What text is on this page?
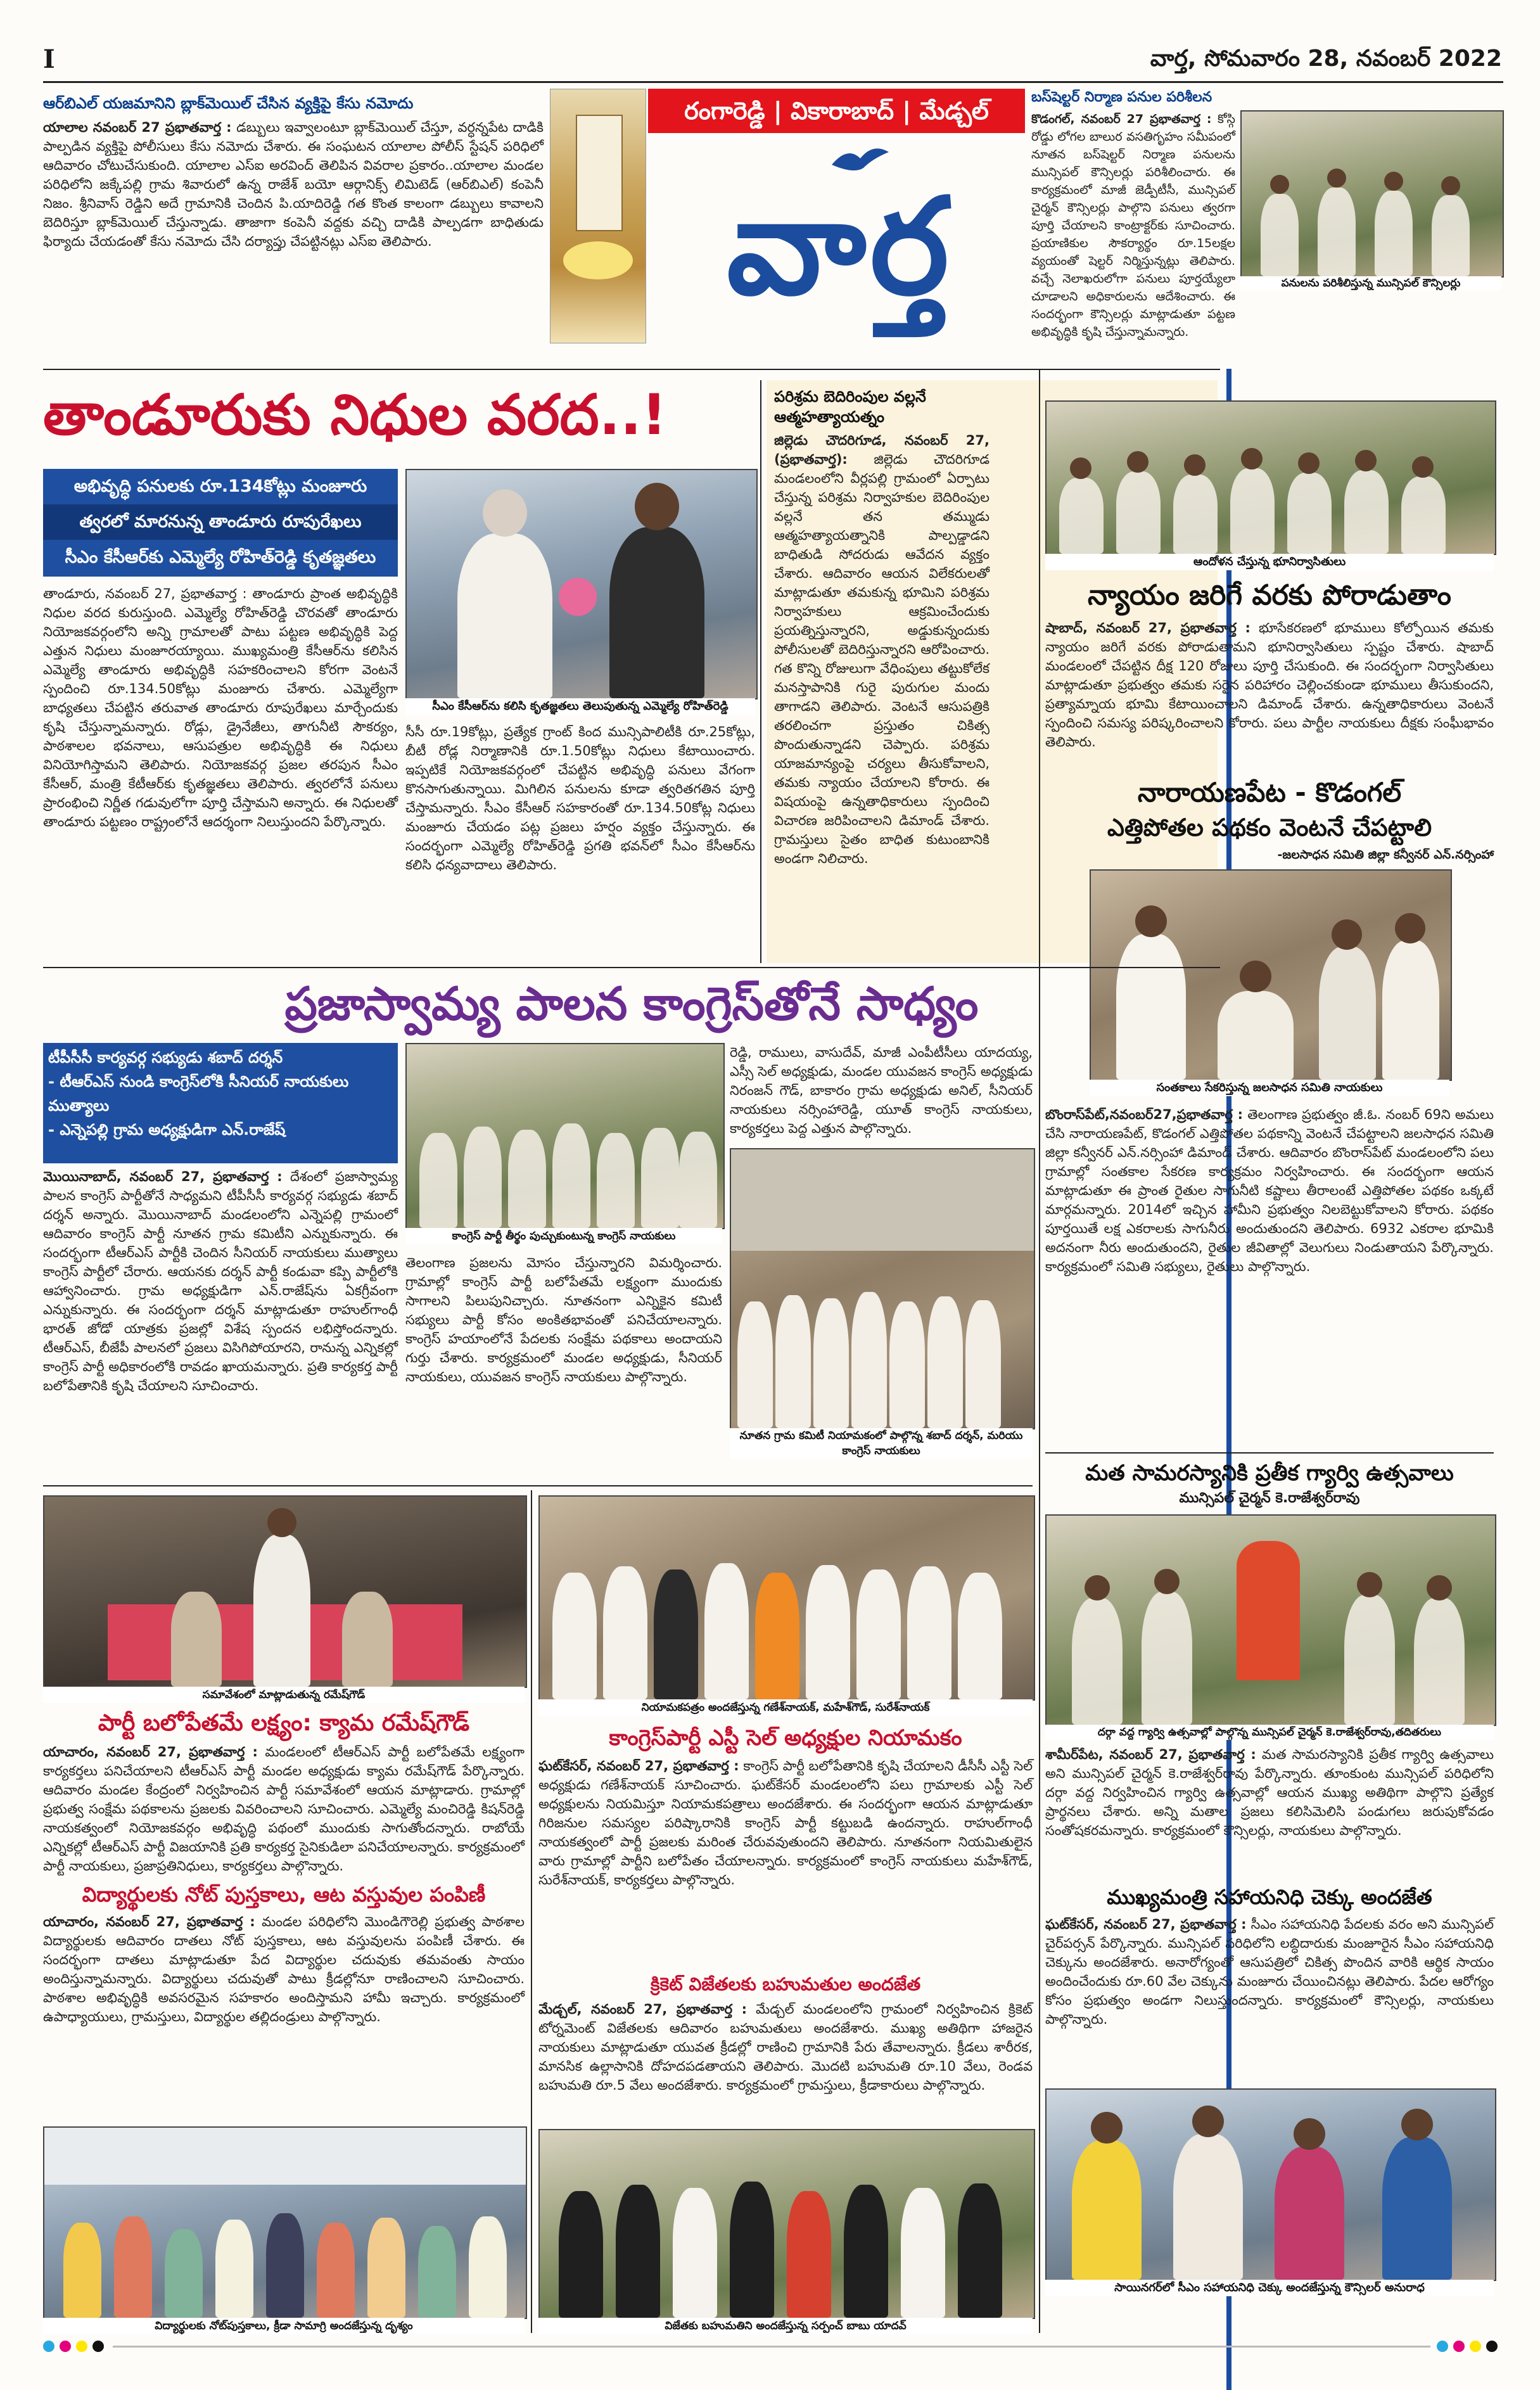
I	వార్త, సోమవారం 28, నవంబర్ 2022
ఆర్‌బిఎల్ యజమానిని బ్లాక్‌మెయిల్ చేసిన వ్యక్తిపై కేసు నమోదు
యాలాల నవంబర్ 27 ప్రభాతవార్త : డబ్బులు ఇవ్వాలంటూ బ్లాక్‌మెయిల్ చేస్తూ, వర్ధన్నపేట దాడికి పాల్పడిన వ్యక్తిపై పోలీసులు కేసు నమోదు చేశారు. ఈ సంఘటన యాలాల పోలీస్ స్టేషన్ పరిధిలో ఆదివారం చోటుచేసుకుంది. యాలాల ఎస్ఐ అరవింద్ తెలిపిన వివరాల ప్రకారం..యాలాల మండల పరిధిలోని జక్కేపల్లి గ్రామ శివారులో ఉన్న రాజేశ్ బయో ఆర్గానిక్స్ లిమిటెడ్ (ఆర్‌బిఎల్) కంపెనీ నిజం. శ్రీనివాస్ రెడ్డిని అదే గ్రామానికి చెందిన పి.యాదిరెడ్డి గత కొంత కాలంగా డబ్బులు కావాలని బెదిరిస్తూ బ్లాక్‌మెయిల్ చేస్తున్నాడు. తాజాగా కంపెనీ వద్దకు వచ్చి దాడికి పాల్పడగా బాధితుడు ఫిర్యాదు చేయడంతో కేసు నమోదు చేసి దర్యాప్తు చేపట్టినట్లు ఎస్ఐ తెలిపారు.
రంగారెడ్డి | వికారాబాద్ | మేడ్చల్
వార్త
బస్‌షెల్టర్ నిర్మాణ పనుల పరిశీలన
పనులను పరిశీలిస్తున్న మున్సిపల్ కౌన్సిలర్లు
కొడంగల్, నవంబర్ 27 ప్రభాతవార్త : కోస్గి రోడ్డు లోగల బాలుర వసతిగృహం సమీపంలో నూతన బస్‌షెల్టర్ నిర్మాణ పనులను మున్సిపల్ కౌన్సిలర్లు పరిశీలించారు. ఈ కార్యక్రమంలో మాజీ జెడ్పీటీసీ, మున్సిపల్ చైర్మన్ కౌన్సిలర్లు పాల్గొని పనులు త్వరగా పూర్తి చేయాలని కాంట్రాక్టర్‌కు సూచించారు. ప్రయాణికుల సౌకర్యార్థం రూ.15లక్షల వ్యయంతో షెల్టర్ నిర్మిస్తున్నట్లు తెలిపారు. వచ్చే నెలాఖరులోగా పనులు పూర్తయ్యేలా చూడాలని అధికారులను ఆదేశించారు. ఈ సందర్భంగా కౌన్సిలర్లు మాట్లాడుతూ పట్టణ అభివృద్ధికి కృషి చేస్తున్నామన్నారు.
తాండూరుకు నిధుల వరద..!
అభివృద్ధి పనులకు రూ.134కోట్లు మంజూరు
త్వరలో మారనున్న తాండూరు రూపురేఖలు
సీఎం కేసీఆర్‌కు ఎమ్మెల్యే రోహిత్‌రెడ్డి కృతజ్ఞతలు
సీఎం కేసీఆర్‌ను కలిసి కృతజ్ఞతలు తెలుపుతున్న ఎమ్మెల్యే రోహిత్‌రెడ్డి
తాండూరు, నవంబర్ 27, ప్రభాతవార్త : తాండూరు ప్రాంత అభివృద్ధికి నిధుల వరద కురుస్తుంది. ఎమ్మెల్యే రోహిత్‌రెడ్డి చొరవతో తాండూరు నియోజకవర్గంలోని అన్ని గ్రామాలతో పాటు పట్టణ అభివృద్ధికి పెద్ద ఎత్తున నిధులు మంజూరయ్యాయి. ముఖ్యమంత్రి కేసీఆర్‌ను కలిసిన ఎమ్మెల్యే తాండూరు అభివృద్ధికి సహకరించాలని కోరగా వెంటనే స్పందించి రూ.134.50కోట్లు మంజూరు చేశారు. ఎమ్మెల్యేగా బాధ్యతలు చేపట్టిన తరువాత తాండూరు రూపురేఖలు మార్చేందుకు కృషి చేస్తున్నామన్నారు. రోడ్లు, డ్రైనేజీలు, తాగునీటి సౌకర్యం, పాఠశాలల భవనాలు, ఆసుపత్రుల అభివృద్ధికి ఈ నిధులు వినియోగిస్తామని తెలిపారు. నియోజకవర్గ ప్రజల తరపున సీఎం కేసీఆర్, మంత్రి కేటీఆర్‌కు కృతజ్ఞతలు తెలిపారు. త్వరలోనే పనులు ప్రారంభించి నిర్ణీత గడువులోగా పూర్తి చేస్తామని అన్నారు. ఈ నిధులతో తాండూరు పట్టణం రాష్ట్రంలోనే ఆదర్శంగా నిలుస్తుందని పేర్కొన్నారు.
సీసీ రూ.19కోట్లు, ప్రత్యేక గ్రాంట్ కింద మున్సిపాలిటీకి రూ.25కోట్లు, బీటీ రోడ్ల నిర్మాణానికి రూ.1.50కోట్లు నిధులు కేటాయించారు. ఇప్పటికే నియోజకవర్గంలో చేపట్టిన అభివృద్ధి పనులు వేగంగా కొనసాగుతున్నాయి. మిగిలిన పనులను కూడా త్వరితగతిన పూర్తి చేస్తామన్నారు. సీఎం కేసీఆర్ సహకారంతో రూ.134.50కోట్ల నిధులు మంజూరు చేయడం పట్ల ప్రజలు హర్షం వ్యక్తం చేస్తున్నారు. ఈ సందర్భంగా ఎమ్మెల్యే రోహిత్‌రెడ్డి ప్రగతి భవన్‌లో సీఎం కేసీఆర్‌ను కలిసి ధన్యవాదాలు తెలిపారు.
పరిశ్రమ బెదిరింపుల వల్లనే ఆత్మహత్యాయత్నం
జిల్లెడు చౌదరిగూడ, నవంబర్ 27,(ప్రభాతవార్త): జిల్లెడు చౌదరిగూడ మండలంలోని వీర్లపల్లి గ్రామంలో ఏర్పాటు చేస్తున్న పరిశ్రమ నిర్వాహకుల బెదిరింపుల వల్లనే తన తమ్ముడు ఆత్మహత్యాయత్నానికి పాల్పడ్డాడని బాధితుడి సోదరుడు ఆవేదన వ్యక్తం చేశారు. ఆదివారం ఆయన విలేకరులతో మాట్లాడుతూ తమకున్న భూమిని పరిశ్రమ నిర్వాహకులు ఆక్రమించేందుకు ప్రయత్నిస్తున్నారని, అడ్డుకున్నందుకు పోలీసులతో బెదిరిస్తున్నారని ఆరోపించారు. గత కొన్ని రోజులుగా వేధింపులు తట్టుకోలేక మనస్తాపానికి గురై పురుగుల మందు తాగాడని తెలిపారు. వెంటనే ఆసుపత్రికి తరలించగా ప్రస్తుతం చికిత్స పొందుతున్నాడని చెప్పారు. పరిశ్రమ యాజమాన్యంపై చర్యలు తీసుకోవాలని, తమకు న్యాయం చేయాలని కోరారు. ఈ విషయంపై ఉన్నతాధికారులు స్పందించి విచారణ జరిపించాలని డిమాండ్ చేశారు. గ్రామస్తులు సైతం బాధిత కుటుంబానికి అండగా నిలిచారు.
ఆందోళన చేస్తున్న భూనిర్వాసితులు
న్యాయం జరిగే వరకు పోరాడుతాం
షాబాద్, నవంబర్ 27, ప్రభాతవార్త : భూసేకరణలో భూములు కోల్పోయిన తమకు న్యాయం జరిగే వరకు పోరాడుతామని భూనిర్వాసితులు స్పష్టం చేశారు. షాబాద్ మండలంలో చేపట్టిన దీక్ష 120 రోజులు పూర్తి చేసుకుంది. ఈ సందర్భంగా నిర్వాసితులు మాట్లాడుతూ ప్రభుత్వం తమకు సరైన పరిహారం చెల్లించకుండా భూములు తీసుకుందని, ప్రత్యామ్నాయ భూమి కేటాయించాలని డిమాండ్ చేశారు. ఉన్నతాధికారులు వెంటనే స్పందించి సమస్య పరిష్కరించాలని కోరారు. పలు పార్టీల నాయకులు దీక్షకు సంఘీభావం తెలిపారు.
నారాయణపేట - కొడంగల్
ఎత్తిపోతల పథకం వెంటనే చేపట్టాలి
-జలసాధన సమితి జిల్లా కన్వీనర్ ఎన్.నర్సింహా
సంతకాలు సేకరిస్తున్న జలసాధన సమితి నాయకులు
బొంరాస్‌పేట్,నవంబర్27,ప్రభాతవార్త : తెలంగాణ ప్రభుత్వం జీ.ఓ. నంబర్ 69ని అమలు చేసి నారాయణపేట్, కొడంగల్ ఎత్తిపోతల పథకాన్ని వెంటనే చేపట్టాలని జలసాధన సమితి జిల్లా కన్వీనర్ ఎన్.నర్సింహా డిమాండ్ చేశారు. ఆదివారం బొంరాస్‌పేట్ మండలంలోని పలు గ్రామాల్లో సంతకాల సేకరణ కార్యక్రమం నిర్వహించారు. ఈ సందర్భంగా ఆయన మాట్లాడుతూ ఈ ప్రాంత రైతుల సాగునీటి కష్టాలు తీరాలంటే ఎత్తిపోతల పథకం ఒక్కటే మార్గమన్నారు. 2014లో ఇచ్చిన హామీని ప్రభుత్వం నిలబెట్టుకోవాలని కోరారు. పథకం పూర్తయితే లక్ష ఎకరాలకు సాగునీరు అందుతుందని తెలిపారు. 6932 ఎకరాల భూమికి అదనంగా నీరు అందుతుందని, రైతుల జీవితాల్లో వెలుగులు నిండుతాయని పేర్కొన్నారు. కార్యక్రమంలో సమితి సభ్యులు, రైతులు పాల్గొన్నారు.
మత సామరస్యానికి ప్రతీక గ్యార్వి ఉత్సవాలు
మున్సిపల్ చైర్మన్ కె.రాజేశ్వర్‌రావు
దర్గా వద్ద గ్యార్వి ఉత్సవాల్లో పాల్గొన్న మున్సిపల్ చైర్మన్ కె.రాజేశ్వర్‌రావు,తదితరులు
శామీర్‌పేట, నవంబర్ 27, ప్రభాతవార్త : మత సామరస్యానికి ప్రతీక గ్యార్వి ఉత్సవాలు అని మున్సిపల్ చైర్మన్ కె.రాజేశ్వర్‌రావు పేర్కొన్నారు. తూంకుంట మున్సిపల్ పరిధిలోని దర్గా వద్ద నిర్వహించిన గ్యార్వి ఉత్సవాల్లో ఆయన ముఖ్య అతిథిగా పాల్గొని ప్రత్యేక ప్రార్థనలు చేశారు. అన్ని మతాల ప్రజలు కలిసిమెలిసి పండుగలు జరుపుకోవడం సంతోషకరమన్నారు. కార్యక్రమంలో కౌన్సిలర్లు, నాయకులు పాల్గొన్నారు.
ముఖ్యమంత్రి సహాయనిధి చెక్కు అందజేత
ఘట్‌కేసర్, నవంబర్ 27, ప్రభాతవార్త : సీఎం సహాయనిధి పేదలకు వరం అని మున్సిపల్ చైర్‌పర్సన్ పేర్కొన్నారు. మున్సిపల్ పరిధిలోని లబ్ధిదారుకు మంజూరైన సీఎం సహాయనిధి చెక్కును అందజేశారు. అనారోగ్యంతో ఆసుపత్రిలో చికిత్స పొందిన వారికి ఆర్థిక సాయం అందించేందుకు రూ.60 వేల చెక్కును మంజూరు చేయించినట్లు తెలిపారు. పేదల ఆరోగ్యం కోసం ప్రభుత్వం అండగా నిలుస్తుందన్నారు. కార్యక్రమంలో కౌన్సిలర్లు, నాయకులు పాల్గొన్నారు.
సాయినగర్‌లో సీఎం సహాయనిధి చెక్కు అందజేస్తున్న కౌన్సిలర్ అనురాధ
ప్రజాస్వామ్య పాలన కాంగ్రెస్‌తోనే సాధ్యం
టీపీసీసీ కార్యవర్గ సభ్యుడు శబాద్ దర్శన్
- టీఆర్ఎస్ నుండి కాంగ్రెస్‌లోకి సీనియర్ నాయకులు ముత్యాలు
- ఎన్నెపల్లి గ్రామ అధ్యక్షుడిగా ఎన్.రాజేష్
మొయినాబాద్, నవంబర్ 27, ప్రభాతవార్త : దేశంలో ప్రజాస్వామ్య పాలన కాంగ్రెస్ పార్టీతోనే సాధ్యమని టీపీసీసీ కార్యవర్గ సభ్యుడు శబాద్ దర్శన్ అన్నారు. మొయినాబాద్ మండలంలోని ఎన్నెపల్లి గ్రామంలో ఆదివారం కాంగ్రెస్ పార్టీ నూతన గ్రామ కమిటీని ఎన్నుకున్నారు. ఈ సందర్భంగా టీఆర్ఎస్ పార్టీకి చెందిన సీనియర్ నాయకులు ముత్యాలు కాంగ్రెస్ పార్టీలో చేరారు. ఆయనకు దర్శన్ పార్టీ కండువా కప్పి పార్టీలోకి ఆహ్వానించారు. గ్రామ అధ్యక్షుడిగా ఎన్.రాజేష్‌ను ఏకగ్రీవంగా ఎన్నుకున్నారు. ఈ సందర్భంగా దర్శన్ మాట్లాడుతూ రాహుల్‌గాంధీ భారత్ జోడో యాత్రకు ప్రజల్లో విశేష స్పందన లభిస్తోందన్నారు. టీఆర్ఎస్, బీజేపీ పాలనలో ప్రజలు విసిగిపోయారని, రానున్న ఎన్నికల్లో కాంగ్రెస్ పార్టీ అధికారంలోకి రావడం ఖాయమన్నారు. ప్రతి కార్యకర్త పార్టీ బలోపేతానికి కృషి చేయాలని సూచించారు.
కాంగ్రెస్ పార్టీ తీర్థం పుచ్చుకుంటున్న కాంగ్రెస్ నాయకులు
తెలంగాణ ప్రజలను మోసం చేస్తున్నారని విమర్శించారు. గ్రామాల్లో కాంగ్రెస్ పార్టీ బలోపేతమే లక్ష్యంగా ముందుకు సాగాలని పిలుపునిచ్చారు. నూతనంగా ఎన్నికైన కమిటీ సభ్యులు పార్టీ కోసం అంకితభావంతో పనిచేయాలన్నారు. కాంగ్రెస్ హయాంలోనే పేదలకు సంక్షేమ పథకాలు అందాయని గుర్తు చేశారు. కార్యక్రమంలో మండల అధ్యక్షుడు, సీనియర్ నాయకులు, యువజన కాంగ్రెస్ నాయకులు పాల్గొన్నారు.
రెడ్డి, రాములు, వాసుదేవ్, మాజీ ఎంపీటీసీలు యాదయ్య, ఎస్సీ సెల్ అధ్యక్షుడు, మండల యువజన కాంగ్రెస్ అధ్యక్షుడు నిరంజన్ గౌడ్, బాకారం గ్రామ అధ్యక్షుడు అనిల్, సీనియర్ నాయకులు నర్సింహారెడ్డి, యూత్ కాంగ్రెస్ నాయకులు, కార్యకర్తలు పెద్ద ఎత్తున పాల్గొన్నారు.
నూతన గ్రామ కమిటీ నియామకంలో పాల్గొన్న శబాద్ దర్శన్, మరియు కాంగ్రెస్ నాయకులు
సమావేశంలో మాట్లాడుతున్న రమేష్‌గౌడ్
పార్టీ బలోపేతమే లక్ష్యం: క్యామ రమేష్‌గౌడ్
యాచారం, నవంబర్ 27, ప్రభాతవార్త : మండలంలో టీఆర్ఎస్ పార్టీ బలోపేతమే లక్ష్యంగా కార్యకర్తలు పనిచేయాలని టీఆర్ఎస్ పార్టీ మండల అధ్యక్షుడు క్యామ రమేష్‌గౌడ్ పేర్కొన్నారు. ఆదివారం మండల కేంద్రంలో నిర్వహించిన పార్టీ సమావేశంలో ఆయన మాట్లాడారు. గ్రామాల్లో ప్రభుత్వ సంక్షేమ పథకాలను ప్రజలకు వివరించాలని సూచించారు. ఎమ్మెల్యే మంచిరెడ్డి కిషన్‌రెడ్డి నాయకత్వంలో నియోజకవర్గం అభివృద్ధి పథంలో ముందుకు సాగుతోందన్నారు. రాబోయే ఎన్నికల్లో టీఆర్ఎస్ పార్టీ విజయానికి ప్రతి కార్యకర్త సైనికుడిలా పనిచేయాలన్నారు. కార్యక్రమంలో పార్టీ నాయకులు, ప్రజాప్రతినిధులు, కార్యకర్తలు పాల్గొన్నారు.
విద్యార్థులకు నోట్ పుస్తకాలు, ఆట వస్తువుల పంపిణీ
యాచారం, నవంబర్ 27, ప్రభాతవార్త : మండల పరిధిలోని మొండిగౌరెల్లి ప్రభుత్వ పాఠశాల విద్యార్థులకు ఆదివారం దాతలు నోట్ పుస్తకాలు, ఆట వస్తువులను పంపిణీ చేశారు. ఈ సందర్భంగా దాతలు మాట్లాడుతూ పేద విద్యార్థుల చదువుకు తమవంతు సాయం అందిస్తున్నామన్నారు. విద్యార్థులు చదువుతో పాటు క్రీడల్లోనూ రాణించాలని సూచించారు. పాఠశాల అభివృద్ధికి అవసరమైన సహకారం అందిస్తామని హామీ ఇచ్చారు. కార్యక్రమంలో ఉపాధ్యాయులు, గ్రామస్తులు, విద్యార్థుల తల్లిదండ్రులు పాల్గొన్నారు.
విద్యార్థులకు నోట్‌పుస్తకాలు, క్రీడా సామాగ్రి అందజేస్తున్న దృశ్యం
నియామకపత్రం అందజేస్తున్న గణేశ్‌నాయక్, మహేశ్‌గౌడ్, సురేశ్‌నాయక్
కాంగ్రెస్‌పార్టీ ఎస్టీ సెల్ అధ్యక్షుల నియామకం
ఘట్‌కేసర్, నవంబర్ 27, ప్రభాతవార్త : కాంగ్రెస్ పార్టీ బలోపేతానికి కృషి చేయాలని డీసీసీ ఎస్టీ సెల్ అధ్యక్షుడు గణేశ్‌నాయక్ సూచించారు. ఘట్‌కేసర్ మండలంలోని పలు గ్రామాలకు ఎస్టీ సెల్ అధ్యక్షులను నియమిస్తూ నియామకపత్రాలు అందజేశారు. ఈ సందర్భంగా ఆయన మాట్లాడుతూ గిరిజనుల సమస్యల పరిష్కారానికి కాంగ్రెస్ పార్టీ కట్టుబడి ఉందన్నారు. రాహుల్‌గాంధీ నాయకత్వంలో పార్టీ ప్రజలకు మరింత చేరువవుతుందని తెలిపారు. నూతనంగా నియమితులైన వారు గ్రామాల్లో పార్టీని బలోపేతం చేయాలన్నారు. కార్యక్రమంలో కాంగ్రెస్ నాయకులు మహేశ్‌గౌడ్, సురేశ్‌నాయక్, కార్యకర్తలు పాల్గొన్నారు.
క్రికెట్ విజేతలకు బహుమతుల అందజేత
మేడ్చల్, నవంబర్ 27, ప్రభాతవార్త : మేడ్చల్ మండలంలోని గ్రామంలో నిర్వహించిన క్రికెట్ టోర్నమెంట్ విజేతలకు ఆదివారం బహుమతులు అందజేశారు. ముఖ్య అతిథిగా హాజరైన నాయకులు మాట్లాడుతూ యువత క్రీడల్లో రాణించి గ్రామానికి పేరు తేవాలన్నారు. క్రీడలు శారీరక, మానసిక ఉల్లాసానికి దోహదపడతాయని తెలిపారు. మొదటి బహుమతి రూ.10 వేలు, రెండవ బహుమతి రూ.5 వేలు అందజేశారు. కార్యక్రమంలో గ్రామస్తులు, క్రీడాకారులు పాల్గొన్నారు.
విజేతకు బహుమతిని అందజేస్తున్న సర్పంచ్ బాబు యాదవ్
